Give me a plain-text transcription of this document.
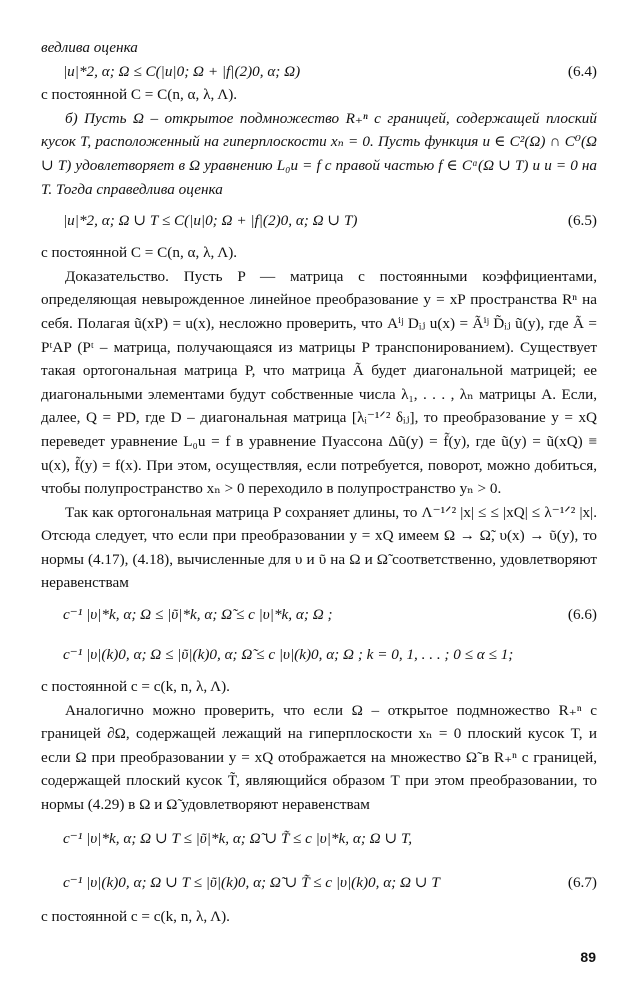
ведлива оценка

|u|*2, α; Ω ≤ C(|u|0; Ω + |f|(2)0, α; Ω)	(6.4)

с постоянной C = C(n, α, λ, Λ).

б) Пусть Ω – открытое подмножество R₊ⁿ с границей, содержащей плоский кусок T, расположенный на гиперплоскости xₙ = 0. Пусть функция u ∈ C²(Ω) ∩ C⁰(Ω ∪ T) удовлетворяет в Ω уравнению L₀u = f с правой частью f ∈ Cᵅ(Ω ∪ T) и u = 0 на T. Тогда справедлива оценка

|u|*2, α; Ω ∪ T ≤ C(|u|0; Ω + |f|(2)0, α; Ω ∪ T)	(6.5)

с постоянной C = C(n, α, λ, Λ).

Доказательство. Пусть P — матрица с постоянными коэффициентами, определяющая невырожденное линейное преобразование y = xP пространства Rⁿ на себя. Полагая ũ(xP) = u(x), несложно проверить, что Aⁱʲ Dᵢⱼ u(x) = Ãⁱʲ D̃ᵢⱼ ũ(y), где Ã = PᵗAP (Pᵗ – матрица, получающаяся из матрицы P транспонированием). Существует такая ортогональная матрица P, что матрица Ã будет диагональной матрицей; ее диагональными элементами будут собственные числа λ₁, . . . , λₙ матрицы A. Если, далее, Q = PD, где D – диагональная матрица [λᵢ⁻¹ᐟ² δᵢⱼ], то преобразование y = xQ переведет уравнение L₀u = f в уравнение Пуассона Δũ(y) = f̃(y), где ũ(y) = ũ(xQ) ≡ u(x), f̃(y) = f(x). При этом, осуществляя, если потребуется, поворот, можно добиться, чтобы полупространство xₙ > 0 переходило в полупространство yₙ > 0.

Так как ортогональная матрица P сохраняет длины, то Λ⁻¹ᐟ² |x| ≤ ≤ |xQ| ≤ λ⁻¹ᐟ² |x|. Отсюда следует, что если при преобразовании y = xQ имеем Ω → Ω̃, υ(x) → ῦ(y), то нормы (4.17), (4.18), вычисленные для υ и ῦ на Ω и Ω̃ соответственно, удовлетворяют неравенствам

c⁻¹ |υ|*k, α; Ω ≤ |ῦ|*k, α; Ω̃ ≤ c |υ|*k, α; Ω ;	(6.6)
c⁻¹ |υ|(k)0, α; Ω ≤ |ῦ|(k)0, α; Ω̃ ≤ c |υ|(k)0, α; Ω ; k = 0, 1, . . . ; 0 ≤ α ≤ 1;

с постоянной c = c(k, n, λ, Λ).

Аналогично можно проверить, что если Ω – открытое подмножество R₊ⁿ с границей ∂Ω, содержащей лежащий на гиперплоскости xₙ = 0 плоский кусок T, и если Ω при преобразовании y = xQ отображается на множество Ω̃ в R₊ⁿ с границей, содержащей плоский кусок T̃, являющийся образом T при этом преобразовании, то нормы (4.29) в Ω и Ω̃ удовлетворяют неравенствам

c⁻¹ |υ|*k, α; Ω ∪ T ≤ |ῦ|*k, α; Ω̃ ∪ T̃ ≤ c |υ|*k, α; Ω ∪ T,
c⁻¹ |υ|(k)0, α; Ω ∪ T ≤ |ῦ|(k)0, α; Ω̃ ∪ T̃ ≤ c |υ|(k)0, α; Ω ∪ T	(6.7)

с постоянной c = c(k, n, λ, Λ).

89
